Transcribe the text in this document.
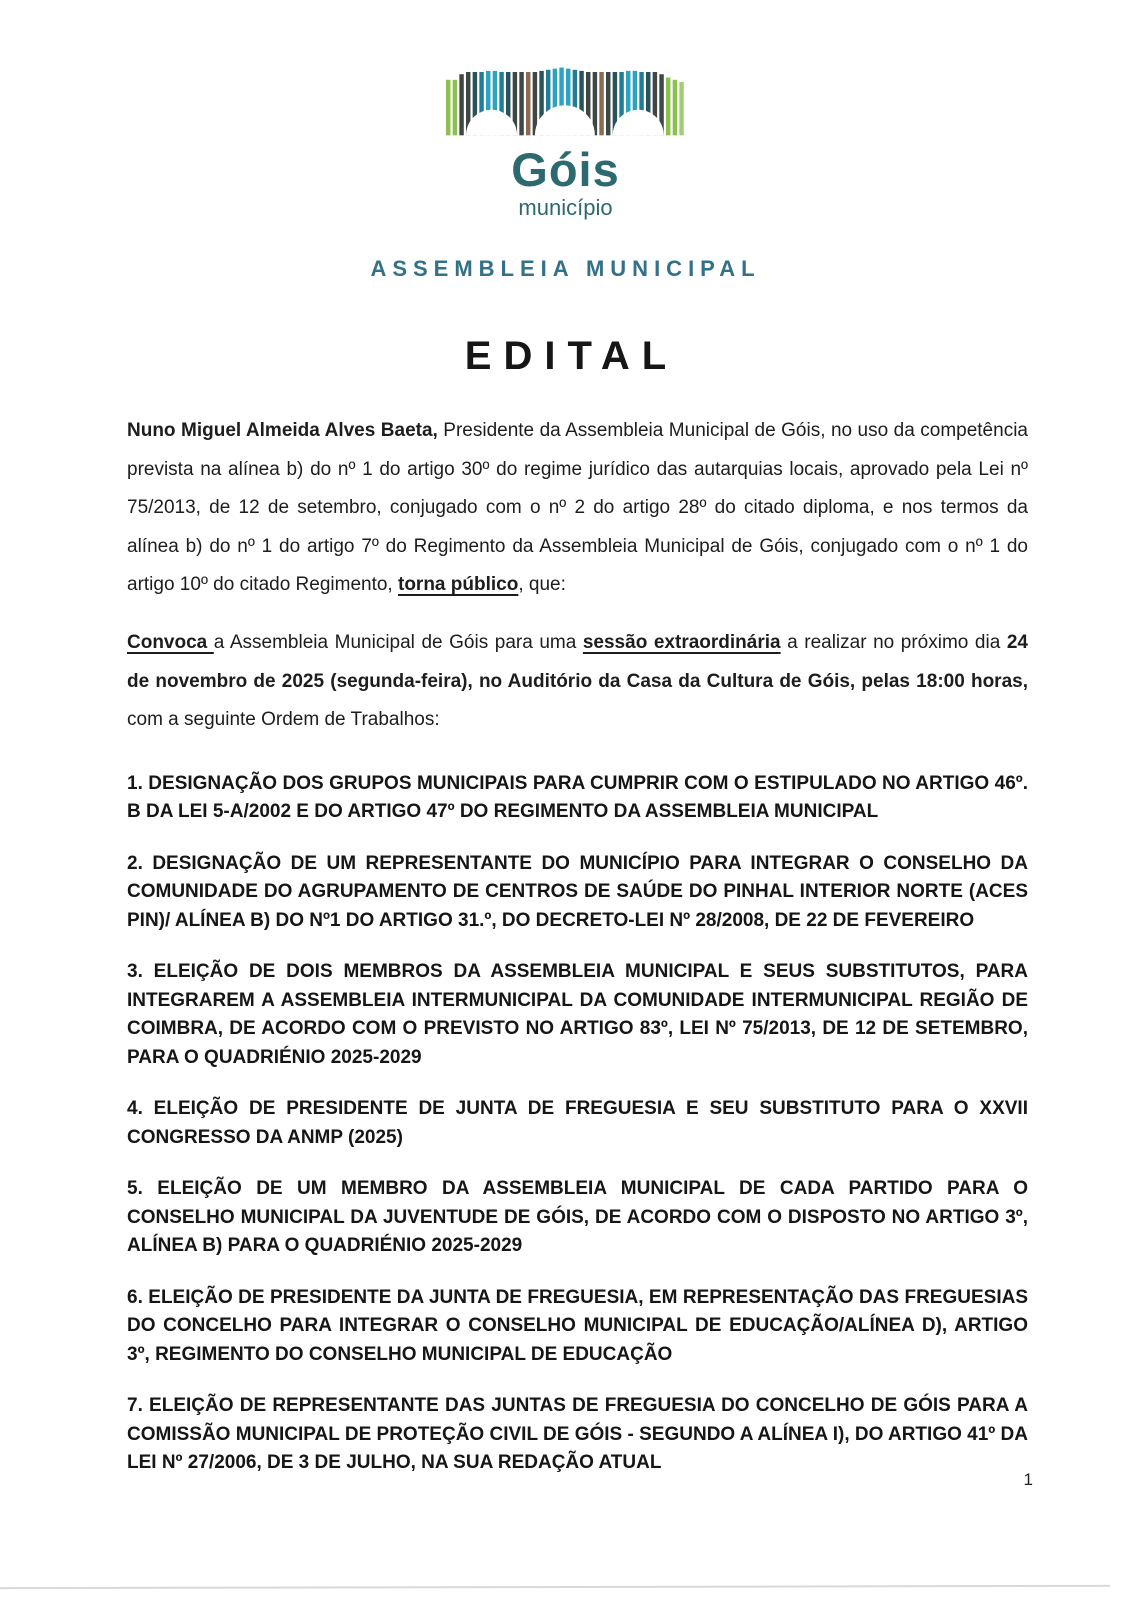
Góis
município
ASSEMBLEIA MUNICIPAL
EDITAL

Nuno Miguel Almeida Alves Baeta, Presidente da Assembleia Municipal de Góis, no uso da competência prevista na alínea b) do nº 1 do artigo 30º do regime jurídico das autarquias locais, aprovado pela Lei nº 75/2013, de 12 de setembro, conjugado com o nº 2 do artigo 28º do citado diploma, e nos termos da alínea b) do nº 1 do artigo 7º do Regimento da Assembleia Municipal de Góis, conjugado com o nº 1 do artigo 10º do citado Regimento, torna público, que:

Convoca a Assembleia Municipal de Góis para uma sessão extraordinária a realizar no próximo dia 24 de novembro de 2025 (segunda-feira), no Auditório da Casa da Cultura de Góis, pelas 18:00 horas, com a seguinte Ordem de Trabalhos:

1. DESIGNAÇÃO DOS GRUPOS MUNICIPAIS PARA CUMPRIR COM O ESTIPULADO NO ARTIGO 46º. B DA LEI 5-A/2002 E DO ARTIGO 47º DO REGIMENTO DA ASSEMBLEIA MUNICIPAL
2. DESIGNAÇÃO DE UM REPRESENTANTE DO MUNICÍPIO PARA INTEGRAR O CONSELHO DA COMUNIDADE DO AGRUPAMENTO DE CENTROS DE SAÚDE DO PINHAL INTERIOR NORTE (ACES PIN)/ ALÍNEA B) DO Nº1 DO ARTIGO 31.º, DO DECRETO-LEI Nº 28/2008, DE 22 DE FEVEREIRO
3. ELEIÇÃO DE DOIS MEMBROS DA ASSEMBLEIA MUNICIPAL E SEUS SUBSTITUTOS, PARA INTEGRAREM A ASSEMBLEIA INTERMUNICIPAL DA COMUNIDADE INTERMUNICIPAL REGIÃO DE COIMBRA, DE ACORDO COM O PREVISTO NO ARTIGO 83º, LEI Nº 75/2013, DE 12 DE SETEMBRO, PARA O QUADRIÉNIO 2025-2029
4. ELEIÇÃO DE PRESIDENTE DE JUNTA DE FREGUESIA E SEU SUBSTITUTO PARA O XXVII CONGRESSO DA ANMP (2025)
5. ELEIÇÃO DE UM MEMBRO DA ASSEMBLEIA MUNICIPAL DE CADA PARTIDO PARA O CONSELHO MUNICIPAL DA JUVENTUDE DE GÓIS, DE ACORDO COM O DISPOSTO NO ARTIGO 3º, ALÍNEA B) PARA O QUADRIÉNIO 2025-2029
6. ELEIÇÃO DE PRESIDENTE DA JUNTA DE FREGUESIA, EM REPRESENTAÇÃO DAS FREGUESIAS DO CONCELHO PARA INTEGRAR O CONSELHO MUNICIPAL DE EDUCAÇÃO/ALÍNEA D), ARTIGO 3º, REGIMENTO DO CONSELHO MUNICIPAL DE EDUCAÇÃO
7. ELEIÇÃO DE REPRESENTANTE DAS JUNTAS DE FREGUESIA DO CONCELHO DE GÓIS PARA A COMISSÃO MUNICIPAL DE PROTEÇÃO CIVIL DE GÓIS - SEGUNDO A ALÍNEA I), DO ARTIGO 41º DA LEI Nº 27/2006, DE 3 DE JULHO, NA SUA REDAÇÃO ATUAL
1
